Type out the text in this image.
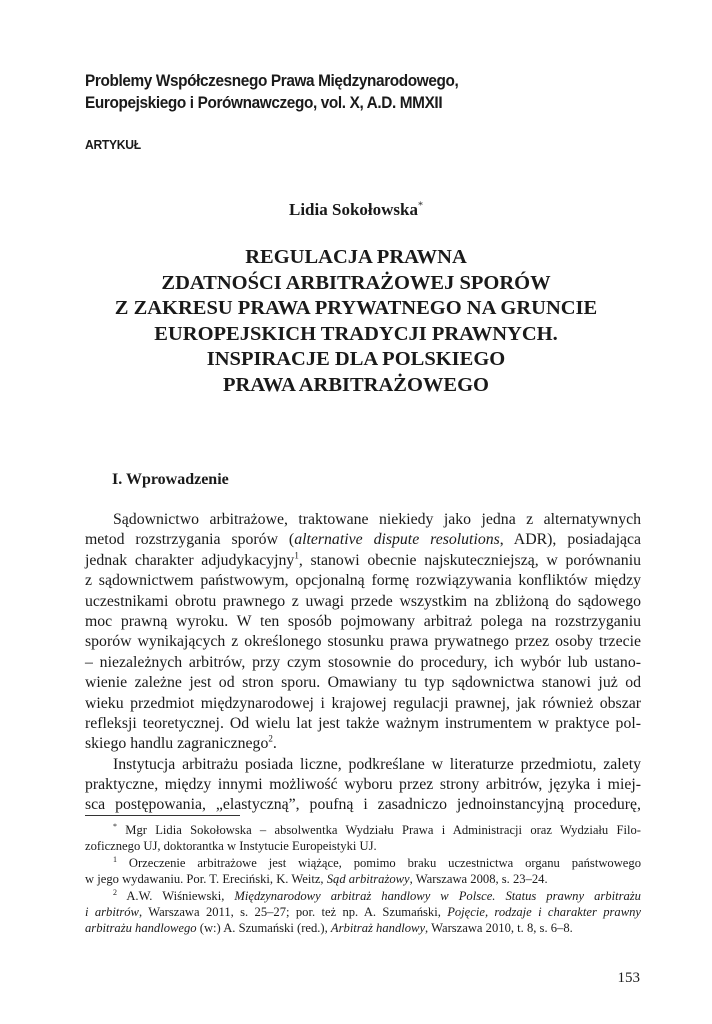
Problemy Współczesnego Prawa Międzynarodowego,
Europejskiego i Porównawczego, vol. X, A.D. MMXII
ARTYKUŁ
Lidia Sokołowska*
REGULACJA PRAWNA
ZDATNOŚCI ARBITRAŻOWEJ SPORÓW
Z ZAKRESU PRAWA PRYWATNEGO NA GRUNCIE
EUROPEJSKICH TRADYCJI PRAWNYCH.
INSPIRACJE DLA POLSKIEGO
PRAWA ARBITRAŻOWEGO
I. Wprowadzenie
Sądownictwo arbitrażowe, traktowane niekiedy jako jedna z alternatywnych
metod rozstrzygania sporów (alternative dispute resolutions, ADR), posiadająca
jednak charakter adjudykacyjny$^1$, stanowi obecnie najskuteczniejszą, w porównaniu
z sądownictwem państwowym, opcjonalną formę rozwiązywania konfliktów między
uczestnikami obrotu prawnego z uwagi przede wszystkim na zbliżoną do sądowego
moc prawną wyroku. W ten sposób pojmowany arbitraż polega na rozstrzyganiu
sporów wynikających z określonego stosunku prawa prywatnego przez osoby trzecie
– niezależnych arbitrów, przy czym stosownie do procedury, ich wybór lub ustano-
wienie zależne jest od stron sporu. Omawiany tu typ sądownictwa stanowi już od
wieku przedmiot międzynarodowej i krajowej regulacji prawnej, jak również obszar
refleksji teoretycznej. Od wielu lat jest także ważnym instrumentem w praktyce pol-
skiego handlu zagranicznego$^2$.
Instytucja arbitrażu posiada liczne, podkreślane w literaturze przedmiotu, zalety
praktyczne, między innymi możliwość wyboru przez strony arbitrów, języka i miej-
sca postępowania, „elastyczną”, poufną i zasadniczo jednoinstancyjną procedurę,
* Mgr Lidia Sokołowska – absolwentka Wydziału Prawa i Administracji oraz Wydziału Filo-
zoficznego UJ, doktorantka w Instytucie Europeistyki UJ.
$^1$ Orzeczenie arbitrażowe jest wiążące, pomimo braku uczestnictwa organu państwowego
w jego wydawaniu. Por. T. Ereciński, K. Weitz, Sąd arbitrażowy, Warszawa 2008, s. 23–24.
$^2$ A.W. Wiśniewski, Międzynarodowy arbitraż handlowy w Polsce. Status prawny arbitrażu
i arbitrów, Warszawa 2011, s. 25–27; por. też np. A. Szumański, Pojęcie, rodzaje i charakter prawny
arbitrażu handlowego (w:) A. Szumański (red.), Arbitraż handlowy, Warszawa 2010, t. 8, s. 6–8.
153
